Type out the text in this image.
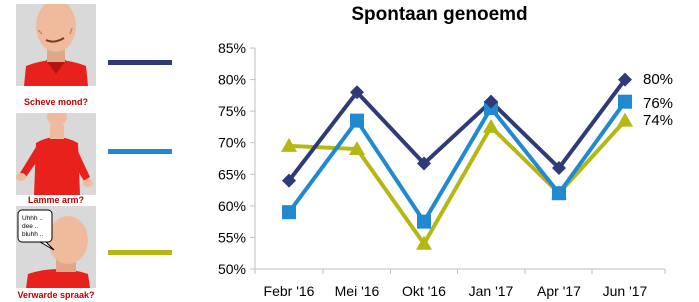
Scheve mond?
Lamme arm?
Uhhh ..
dee ..
bluhh ..
Verwarde spraak?
Spontaan genoemd
50%
55%
60%
65%
70%
75%
80%
85%
Febr '16 Mei '16 Okt '16 Jan '17 Apr '17 Jun '17
80%
76%
74%
